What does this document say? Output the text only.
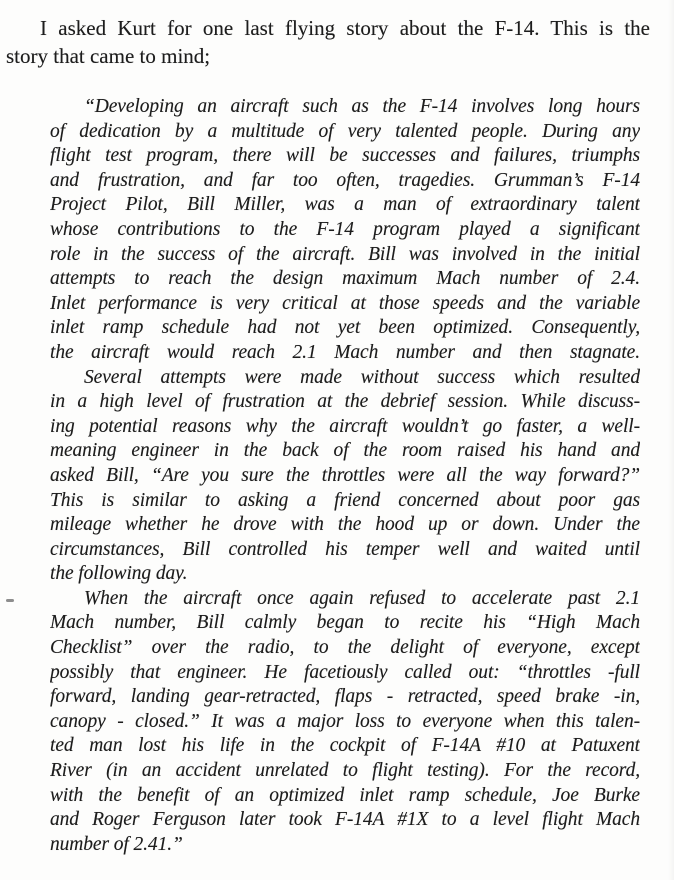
I asked Kurt for one last flying story about the F-14. This is the
story that came to mind;
“Developing an aircraft such as the F-14 involves long hours
of dedication by a multitude of very talented people. During any
flight test program, there will be successes and failures, triumphs
and frustration, and far too often, tragedies. Grumman’s F-14
Project Pilot, Bill Miller, was a man of extraordinary talent
whose contributions to the F-14 program played a significant
role in the success of the aircraft. Bill was involved in the initial
attempts to reach the design maximum Mach number of 2.4.
Inlet performance is very critical at those speeds and the variable
inlet ramp schedule had not yet been optimized. Consequently,
the aircraft would reach 2.1 Mach number and then stagnate.
Several attempts were made without success which resulted
in a high level of frustration at the debrief session. While discuss-
ing potential reasons why the aircraft wouldn’t go faster, a well-
meaning engineer in the back of the room raised his hand and
asked Bill, “Are you sure the throttles were all the way forward?”
This is similar to asking a friend concerned about poor gas
mileage whether he drove with the hood up or down. Under the
circumstances, Bill controlled his temper well and waited until
the following day.
When the aircraft once again refused to accelerate past 2.1
Mach number, Bill calmly began to recite his “High Mach
Checklist” over the radio, to the delight of everyone, except
possibly that engineer. He facetiously called out: “throttles -full
forward, landing gear-retracted, flaps - retracted, speed brake -in,
canopy - closed.” It was a major loss to everyone when this talen-
ted man lost his life in the cockpit of F-14A #10 at Patuxent
River (in an accident unrelated to flight testing). For the record,
with the benefit of an optimized inlet ramp schedule, Joe Burke
and Roger Ferguson later took F-14A #1X to a level flight Mach
number of 2.41.”
